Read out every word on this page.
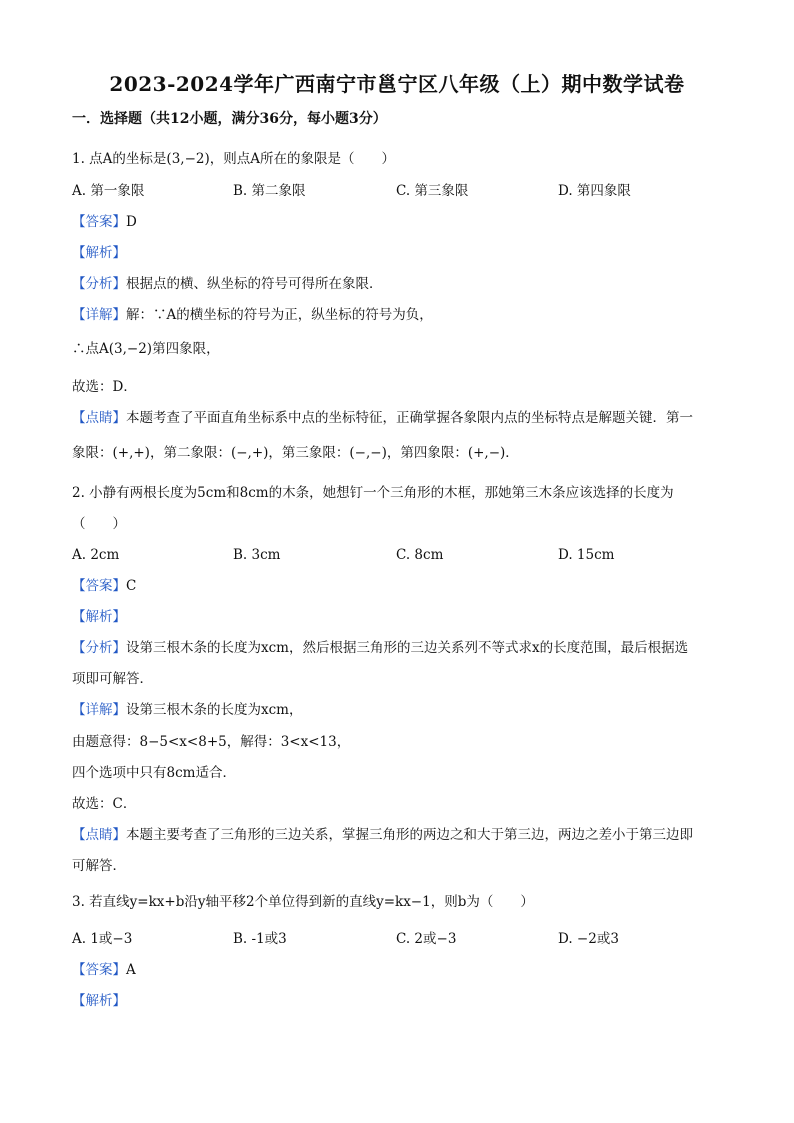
2023-2024学年广西南宁市邕宁区八年级（上）期中数学试卷
一．选择题（共12小题，满分36分，每小题3分）
1. 点A的坐标是(3,−2)，则点A所在的象限是（　　）
A. 第一象限	B. 第二象限	C. 第三象限	D. 第四象限
【答案】D
【解析】
【分析】根据点的横、纵坐标的符号可得所在象限．
【详解】解：∵A的横坐标的符号为正，纵坐标的符号为负，
∴点A(3,−2)第四象限，
故选：D．
【点睛】本题考查了平面直角坐标系中点的坐标特征，正确掌握各象限内点的坐标特点是解题关键．第一
象限：(+,+)，第二象限：(−,+)，第三象限：(−,−)，第四象限：(+,−)．
2. 小静有两根长度为5cm和8cm的木条，她想钉一个三角形的木框，那她第三木条应该选择的长度为
（　　）
A. 2cm	B. 3cm	C. 8cm	D. 15cm
【答案】C
【解析】
【分析】设第三根木条的长度为xcm，然后根据三角形的三边关系列不等式求x的长度范围，最后根据选
项即可解答．
【详解】设第三根木条的长度为xcm，
由题意得：8−5<x<8+5，解得：3<x<13，
四个选项中只有8cm适合．
故选：C．
【点睛】本题主要考查了三角形的三边关系，掌握三角形的两边之和大于第三边，两边之差小于第三边即
可解答．
3. 若直线y=kx+b沿y轴平移2个单位得到新的直线y=kx−1，则b为（　　）
A. 1或−3	B. -1或3	C. 2或−3	D. −2或3
【答案】A
【解析】
